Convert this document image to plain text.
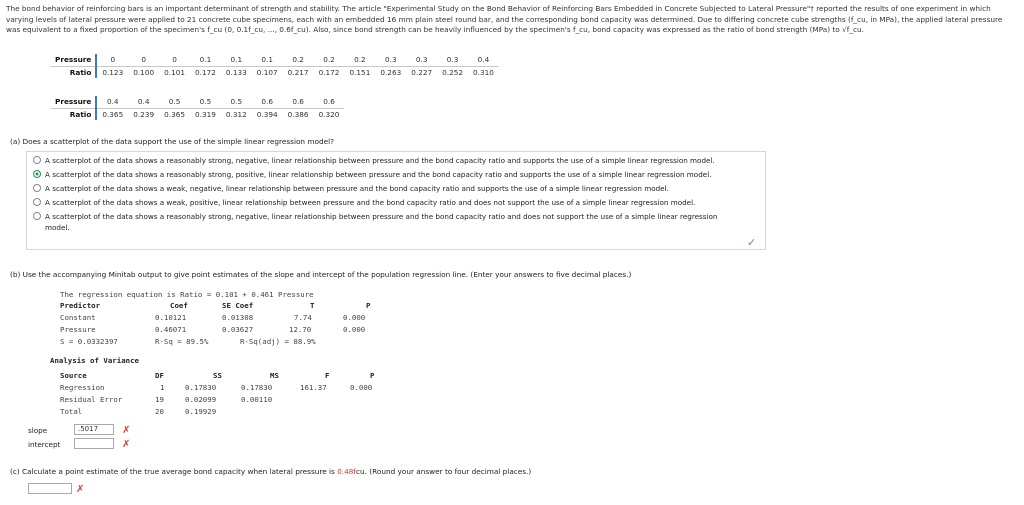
The bond behavior of reinforcing bars is an important determinant of strength and stability. The article "Experimental Study on the Bond Behavior of Reinforcing Bars Embedded in Concrete Subjected to Lateral Pressure"† reported the results of one experiment in which
varying levels of lateral pressure were applied to 21 concrete cube specimens, each with an embedded 16 mm plain steel round bar, and the corresponding bond capacity was determined. Due to differing concrete cube strengths (f_cu, in MPa), the applied lateral pressure
was equivalent to a fixed proportion of the specimen's f_cu (0, 0.1f_cu, ..., 0.6f_cu). Also, since bond strength can be heavily influenced by the specimen's f_cu, bond capacity was expressed as the ratio of bond strength (MPa) to √f_cu.
Pressure	0	0	0	0.1	0.1	0.1	0.2	0.2	0.2	0.3	0.3	0.3	0.4
Ratio	0.123	0.100	0.101	0.172	0.133	0.107	0.217	0.172	0.151	0.263	0.227	0.252	0.310
Pressure	0.4	0.4	0.5	0.5	0.5	0.6	0.6	0.6
Ratio	0.365	0.239	0.365	0.319	0.312	0.394	0.386	0.320
(a) Does a scatterplot of the data support the use of the simple linear regression model?
A scatterplot of the data shows a reasonably strong, negative, linear relationship between pressure and the bond capacity ratio and supports the use of a simple linear regression model.
A scatterplot of the data shows a reasonably strong, positive, linear relationship between pressure and the bond capacity ratio and supports the use of a simple linear regression model.
A scatterplot of the data shows a weak, negative, linear relationship between pressure and the bond capacity ratio and supports the use of a simple linear regression model.
A scatterplot of the data shows a weak, positive, linear relationship between pressure and the bond capacity ratio and does not support the use of a simple linear regression model.
A scatterplot of the data shows a reasonably strong, negative, linear relationship between pressure and the bond capacity ratio and does not support the use of a simple linear regression
model.
✓
(b) Use the accompanying Minitab output to give point estimates of the slope and intercept of the population regression line. (Enter your answers to five decimal places.)
The regression equation is Ratio = 0.101 + 0.461 Pressure
Predictor	Coef	SE Coef	T	P
Constant	0.10121	0.01308	7.74	0.000
Pressure	0.46071	0.03627	12.70	0.000
S = 0.0332397	R-Sq = 89.5%	R-Sq(adj) = 88.9%
Analysis of Variance
Source	DF	SS	MS	F	P
Regression	1	0.17830	0.17830	161.37	0.000
Residual Error	19	0.02099	0.00110
Total	20	0.19929
slope	.5017	✗
intercept	✗
(c) Calculate a point estimate of the true average bond capacity when lateral pressure is 0.48fcu. (Round your answer to four decimal places.)
✗
